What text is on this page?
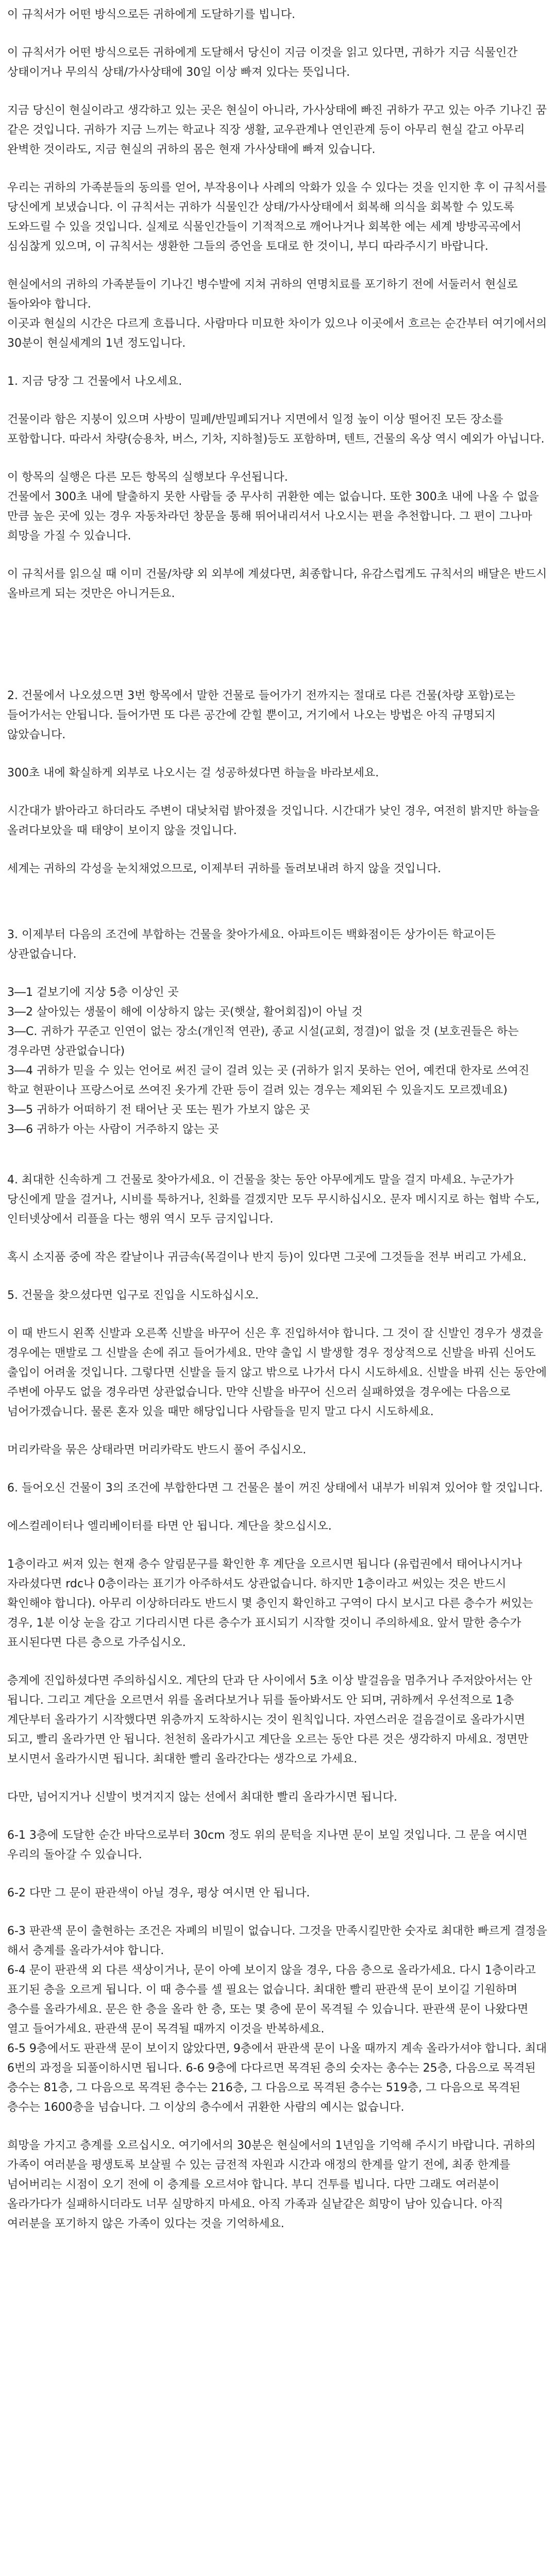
이 규칙서가 어떤 방식으로든 귀하에게 도달하기를 빕니다.

이 규칙서가 어떤 방식으로든 귀하에게 도달해서 당신이 지금 이것을 읽고 있다면, 귀하가 지금 식물인간 상태이거나 무의식 상태/가사상태에 30일 이상 빠져 있다는 뜻입니다.

지금 당신이 현실이라고 생각하고 있는 곳은 현실이 아니라, 가사상태에 빠진 귀하가 꾸고 있는 아주 기나긴 꿈 같은 것입니다. 귀하가 지금 느끼는 학교나 직장 생활, 교우관계나 연인관계 등이 아무리 현실 같고 아무리 완벽한 것이라도, 지금 현실의 귀하의 몸은 현재 가사상태에 빠져 있습니다.

우리는 귀하의 가족분들의 동의를 얻어, 부작용이나 사례의 악화가 있을 수 있다는 것을 인지한 후 이 규칙서를 당신에게 보냈습니다. 이 규칙서는 귀하가 식물인간 상태/가사상태에서 회복해 의식을 회복할 수 있도록 도와드릴 수 있을 것입니다. 실제로 식물인간들이 기적적으로 깨어나거나 회복한 에는 세계 방방곡곡에서 심심찮게 있으며, 이 규칙서는 생환한 그들의 증언을 토대로 한 것이니, 부디 따라주시기 바랍니다.

현실에서의 귀하의 가족분들이 기나긴 병수발에 지쳐 귀하의 연명치료를 포기하기 전에 서둘러서 현실로 돌아와야 합니다.
이곳과 현실의 시간은 다르게 흐릅니다. 사람마다 미묘한 차이가 있으나 이곳에서 흐르는 순간부터 여기에서의 30분이 현실세계의 1년 정도입니다.

1. 지금 당장 그 건물에서 나오세요.

건물이라 함은 지붕이 있으며 사방이 밀폐/반밀폐되거나 지면에서 일정 높이 이상 떨어진 모든 장소를 포함합니다. 따라서 차량(승용차, 버스, 기차, 지하철)등도 포함하며, 텐트, 건물의 옥상 역시 예외가 아닙니다.

이 항목의 실행은 다른 모든 항목의 실행보다 우선됩니다.
건물에서 300초 내에 탈출하지 못한 사람들 중 무사히 귀환한 예는 없습니다. 또한 300초 내에 나올 수 없을 만큼 높은 곳에 있는 경우 자동차라던 창문을 통해 뛰어내리셔서 나오시는 편을 추천합니다. 그 편이 그나마 희망을 가질 수 있습니다.

이 규칙서를 읽으실 때 이미 건물/차량 외 외부에 계셨다면, 최종합니다, 유감스럽게도 규칙서의 배달은 반드시 올바르게 되는 것만은 아니거든요.

2. 건물에서 나오셨으면 3번 항목에서 말한 건물로 들어가기 전까지는 절대로 다른 건물(차량 포함)로는 들어가서는 안됩니다. 들어가면 또 다른 공간에 갇힐 뿐이고, 거기에서 나오는 방법은 아직 규명되지 않았습니다.

300초 내에 확실하게 외부로 나오시는 걸 성공하셨다면 하늘을 바라보세요.

시간대가 밝아라고 하더라도 주변이 대낮처럼 밝아졌을 것입니다. 시간대가 낮인 경우, 여전히 밝지만 하늘을 올려다보았을 때 태양이 보이지 않을 것입니다.

세계는 귀하의 각성을 눈치채었으므로, 이제부터 귀하를 돌려보내려 하지 않을 것입니다.

3. 이제부터 다음의 조건에 부합하는 건물을 찾아가세요. 아파트이든 백화점이든 상가이든 학교이든 상관없습니다.

3―1 겉보기에 지상 5층 이상인 곳
3―2 살아있는 생물이 해에 이상하지 않는 곳(햇살, 활어회집)이 아닐 것
3―C. 귀하가 꾸준고 인연이 없는 장소(개인적 연관), 종교 시설(교회, 정결)이 없을 것 (보호권들은 하는 경우라면 상관없습니다)
3―4 귀하가 믿을 수 있는 언어로 써진 글이 걸려 있는 곳 (귀하가 읽지 못하는 언어, 예컨대 한자로 쓰여진 학교 현판이나 프랑스어로 쓰여진 옷가게 간판 등이 걸려 있는 경우는 제외된 수 있을지도 모르겠네요)
3―5 귀하가 어떠하기 전 태어난 곳 또는 뭔가 가보지 않은 곳
3―6 귀하가 아는 사람이 거주하지 않는 곳

4. 최대한 신속하게 그 건물로 찾아가세요. 이 건물을 찾는 동안 아무에게도 말을 걸지 마세요. 누군가가 당신에게 말을 걸거나, 시비를 툭하거나, 친화를 걸겠지만 모두 무시하십시오. 문자 메시지로 하는 협박 수도, 인터넷상에서 리플을 다는 행위 역시 모두 금지입니다.

혹시 소지품 중에 작은 칼날이나 귀금속(목걸이나 반지 등)이 있다면 그곳에 그것들을 전부 버리고 가세요.

5. 건물을 찾으셨다면 입구로 진입을 시도하십시오.

이 때 반드시 왼쪽 신발과 오른쪽 신발을 바꾸어 신은 후 진입하셔야 합니다. 그 것이 잘 신발인 경우가 생겼을 경우에는 맨발로 그 신발을 손에 쥐고 들어가세요. 만약 출입 시 발생할 경우 정상적으로 신발을 바꿔 신어도 출입이 어려울 것입니다. 그렇다면 신발을 들지 않고 밖으로 나가서 다시 시도하세요. 신발을 바꿔 신는 동안에 주변에 아무도 없을 경우라면 상관없습니다. 만약 신발을 바꾸어 신으러 실패하였을 경우에는 다음으로 넘어가겠습니다. 물론 혼자 있을 때만 해당입니다 사람들을 믿지 말고 다시 시도하세요.

머리카락을 묶은 상태라면 머리카락도 반드시 풀어 주십시오.

6. 들어오신 건물이 3의 조건에 부합한다면 그 건물은 불이 꺼진 상태에서 내부가 비워져 있어야 할 것입니다.

에스컬레이터나 엘리베이터를 타면 안 됩니다. 계단을 찾으십시오.

1층이라고 써져 있는 현재 층수 알림문구를 확인한 후 계단을 오르시면 됩니다 (유럽권에서 태어나시거나 자라셨다면 rdc나 0층이라는 표기가 아주하셔도 상관없습니다. 하지만 1층이라고 써있는 것은 반드시 확인해야 합니다). 아무리 이상하더라도 반드시 몇 층인지 확인하고 구역이 다시 보시고 다른 층수가 써있는 경우, 1분 이상 눈을 감고 기다리시면 다른 층수가 표시되기 시작할 것이니 주의하세요. 앞서 말한 층수가 표시된다면 다른 층으로 가주십시오.

층계에 진입하셨다면 주의하십시오. 계단의 단과 단 사이에서 5초 이상 발걸음을 멈추거나 주저앉아서는 안 됩니다. 그리고 계단을 오르면서 위를 올려다보거나 뒤를 돌아봐서도 안 되며, 귀하께서 우선적으로 1층 계단부터 올라가기 시작했다면 위층까지 도착하시는 것이 원칙입니다. 자연스러운 걸음걸이로 올라가시면 되고, 빨리 올라가면 안 됩니다. 천천히 올라가시고 계단을 오르는 동안 다른 것은 생각하지 마세요. 정면만 보시면서 올라가시면 됩니다. 최대한 빨리 올라간다는 생각으로 가세요.

다만, 넘어지거나 신발이 벗겨지지 않는 선에서 최대한 빨리 올라가시면 됩니다.

6-1 3층에 도달한 순간 바닥으로부터 30cm 정도 위의 문턱을 지나면 문이 보일 것입니다. 그 문을 여시면 우리의 돌아갈 수 있습니다.

6-2 다만 그 문이 판관색이 아닐 경우, 평상 여시면 안 됩니다.

6-3 판관색 문이 출현하는 조건은 자폐의 비밀이 없습니다. 그것을 만족시킬만한 숫자로 최대한 빠르게 결정을 해서 층계를 올라가셔야 합니다.
6-4 문이 판관색 외 다른 색상이거나, 문이 아예 보이지 않을 경우, 다음 층으로 올라가세요. 다시 1층이라고 표기된 층을 오르게 됩니다. 이 때 층수를 셀 필요는 없습니다. 최대한 빨리 판관색 문이 보이길 기원하며 층수를 올라가세요. 문은 한 층을 올라 한 층, 또는 몇 층에 문이 목격될 수 있습니다. 판관색 문이 나왔다면 열고 들어가세요. 판관색 문이 목격될 때까지 이것을 반복하세요.
6-5 9층에서도 판관색 문이 보이지 않았다면, 9층에서 판관색 문이 나올 때까지 계속 올라가셔야 합니다. 최대 6번의 과정을 되풀이하시면 됩니다. 6-6 9층에 다다르면 목격된 층의 숫자는 총수는 25층, 다음으로 목격된 층수는 81층, 그 다음으로 목격된 층수는 216층, 그 다음으로 목격된 층수는 519층, 그 다음으로 목격된 층수는 1600층을 넘습니다. 그 이상의 층수에서 귀환한 사람의 예시는 없습니다.

희망을 가지고 층계를 오르십시오. 여기에서의 30분은 현실에서의 1년임을 기억해 주시기 바랍니다. 귀하의 가족이 여러분을 평생토록 보살필 수 있는 금전적 자원과 시간과 애정의 한계를 알기 전에, 최종 한계를 넘어버리는 시점이 오기 전에 이 층계를 오르셔야 합니다. 부디 건투를 빕니다. 다만 그래도 여러분이 올라가다가 실패하시더라도 너무 실망하지 마세요. 아직 가족과 실낱같은 희망이 남아 있습니다. 아직 여러분을 포기하지 않은 가족이 있다는 것을 기억하세요.
